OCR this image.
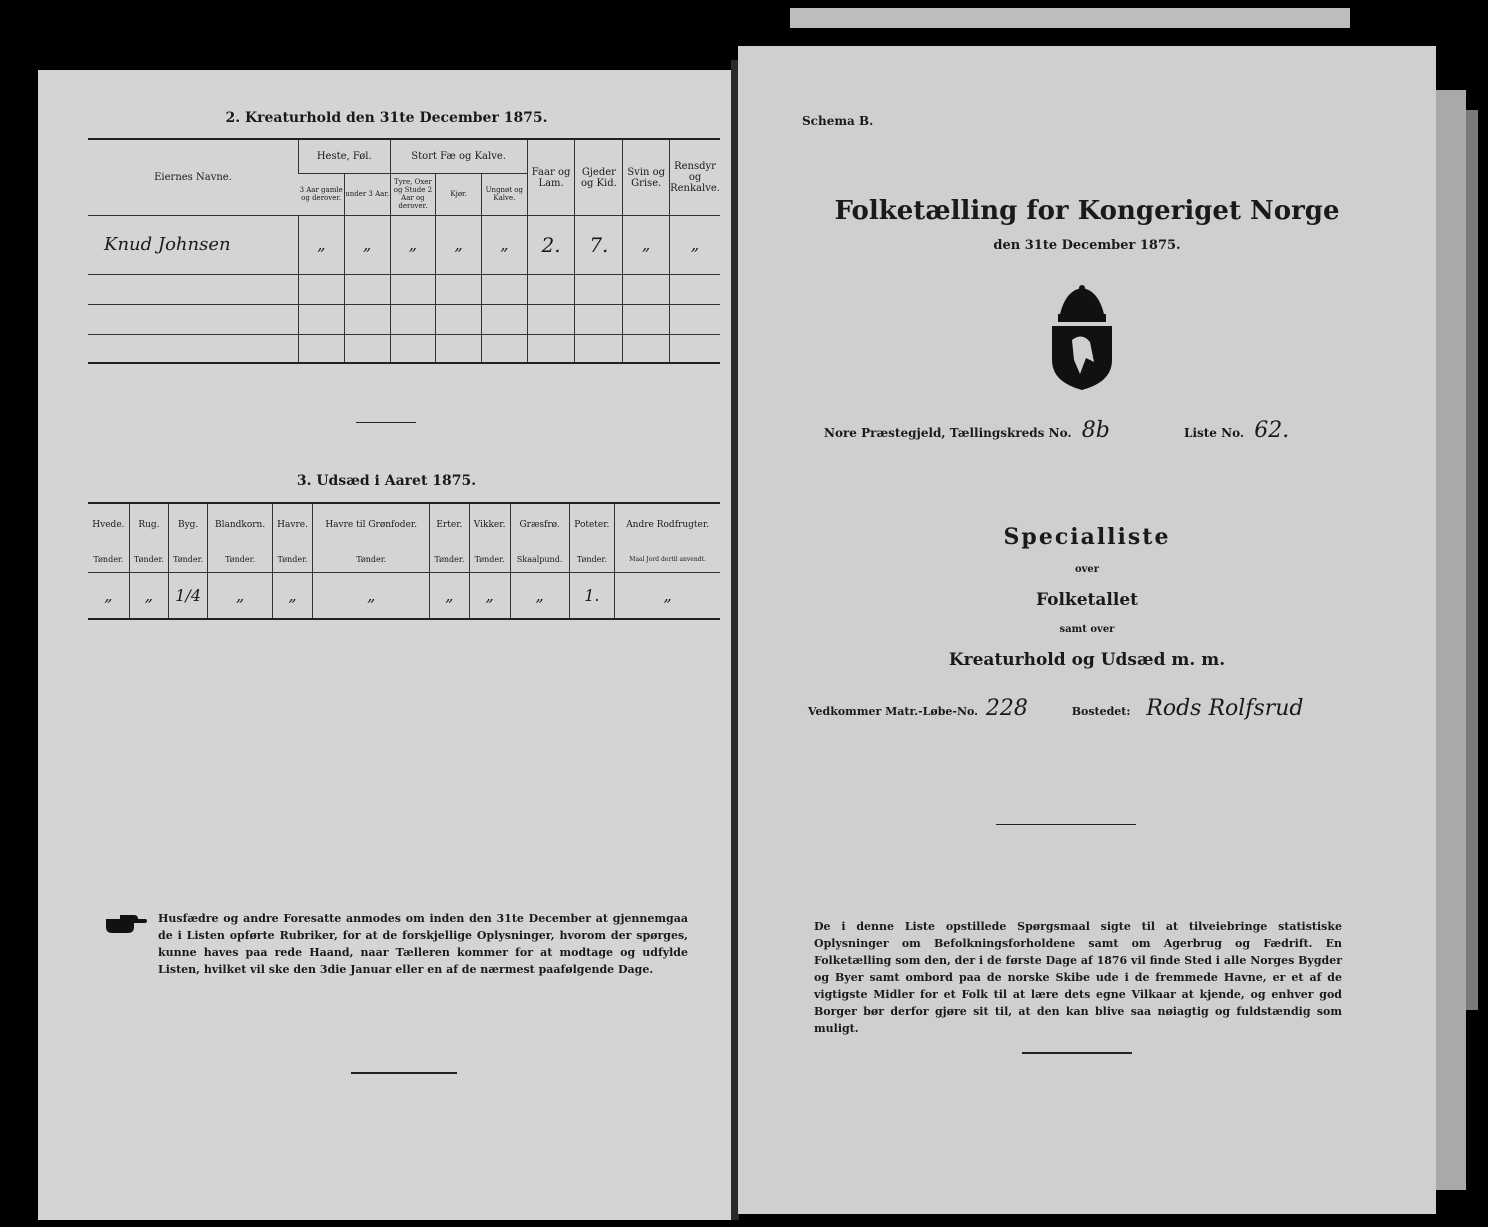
2. Kreaturhold den 31te December 1875.
Eiernes Navne.	Heste, Føl.		Stort Fæ og Kalve.			Faar og Lam.	Gjeder og Kid.	Svin og Grise.	Rensdyr og Renkalve.
	3 Aar gamle og derover.	under 3 Aar.	Tyre, Oxer og Stude 2 Aar og derover.	Kjør.	Ungnøt og Kalve.				
Knud Johnsen	„	„	„	„	„	2.	7.	„	„

3. Udsæd i Aaret 1875.
Hvede.	Rug.	Byg.	Blandkorn.	Havre.	Havre til Grønfoder.	Erter.	Vikker.	Græsfrø.	Poteter.	Andre Rodfrugter.
Tønder.	Tønder.	Tønder.	Tønder.	Tønder.	Tønder.	Tønder.	Tønder.	Skaalpund.	Tønder.	Maal Jord dertil anvendt.
„	„	1/4	„	„	„	„	„	„	1.	„
Husfædre og andre Foresatte anmodes om inden den 31te December at gjennemgaa de i Listen opførte Rubriker, for at de forskjellige Oplysninger, hvorom der spørges, kunne haves paa rede Haand, naar Tælleren kommer for at modtage og udfylde Listen, hvilket vil ske den 3die Januar eller en af de nærmest paafølgende Dage.
Schema B.
Folketælling for Kongeriget Norge
den 31te December 1875.
Nore Præstegjeld, Tællingskreds No. 8b	Liste No. 62.
Specialliste
over
Folketallet
samt over
Kreaturhold og Udsæd m. m.
Vedkommer Matr.-Løbe-No. 228	Bostedet: Rods Rolfsrud
De i denne Liste opstillede Spørgsmaal sigte til at tilveiebringe statistiske Oplysninger om Befolkningsforholdene samt om Agerbrug og Fædrift. En Folketælling som den, der i de første Dage af 1876 vil finde Sted i alle Norges Bygder og Byer samt ombord paa de norske Skibe ude i de fremmede Havne, er et af de vigtigste Midler for et Folk til at lære dets egne Vilkaar at kjende, og enhver god Borger bør derfor gjøre sit til, at den kan blive saa nøiagtig og fuldstændig som muligt.
